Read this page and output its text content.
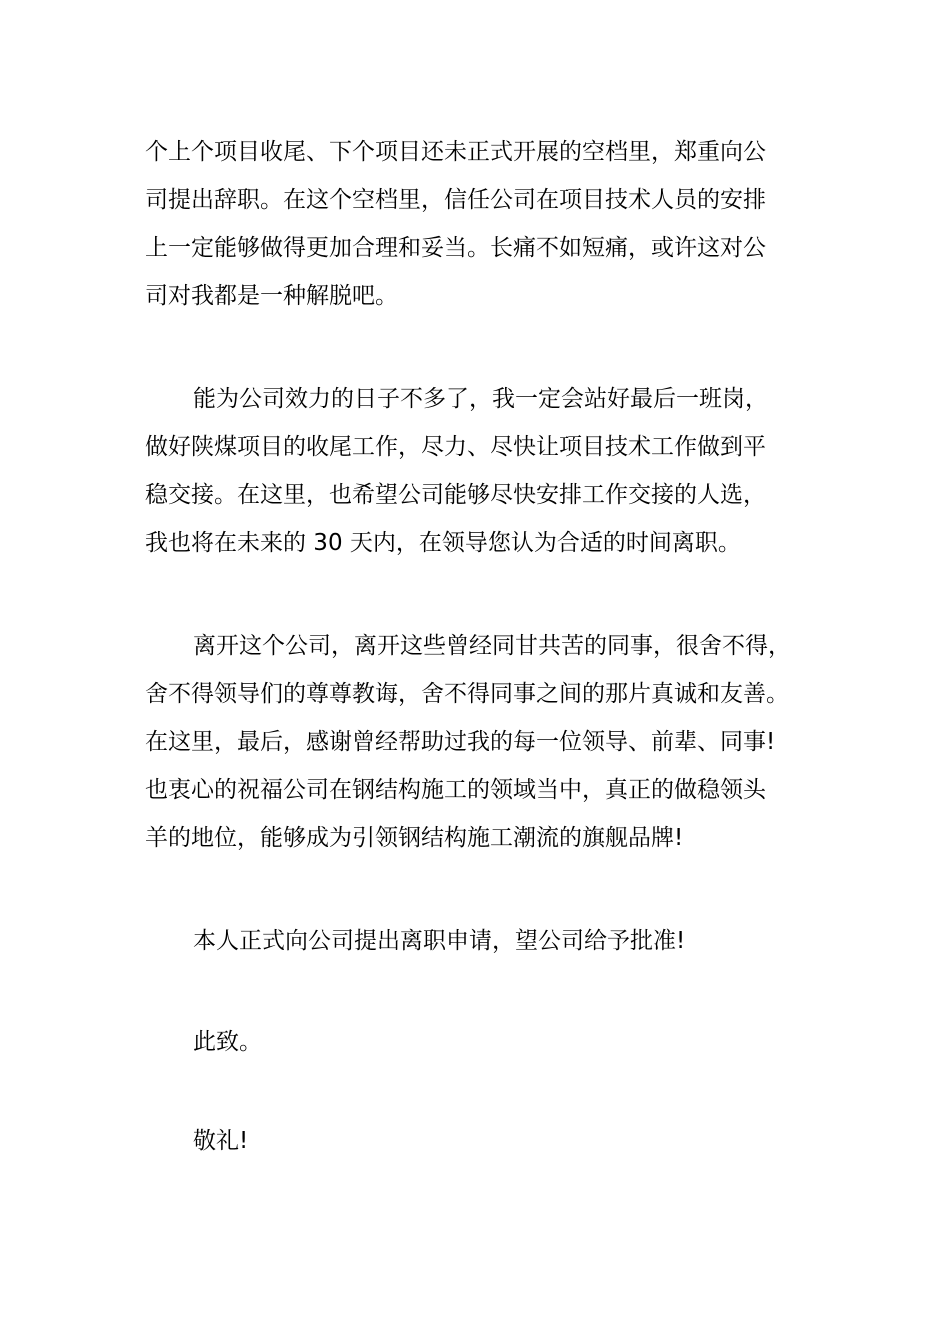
个上个项目收尾、下个项目还未正式开展的空档里，郑重向公

司提出辞职。在这个空档里，信任公司在项目技术人员的安排

上一定能够做得更加合理和妥当。长痛不如短痛，或许这对公

司对我都是一种解脱吧。

能为公司效力的日子不多了，我一定会站好最后一班岗，

做好陕煤项目的收尾工作，尽力、尽快让项目技术工作做到平

稳交接。在这里，也希望公司能够尽快安排工作交接的人选，

我也将在未来的 30 天内，在领导您认为合适的时间离职。

离开这个公司，离开这些曾经同甘共苦的同事，很舍不得，

舍不得领导们的尊尊教诲，舍不得同事之间的那片真诚和友善。

在这里，最后，感谢曾经帮助过我的每一位领导、前辈、同事!

也衷心的祝福公司在钢结构施工的领域当中，真正的做稳领头

羊的地位，能够成为引领钢结构施工潮流的旗舰品牌!

本人正式向公司提出离职申请，望公司给予批准!

此致。

敬礼!
